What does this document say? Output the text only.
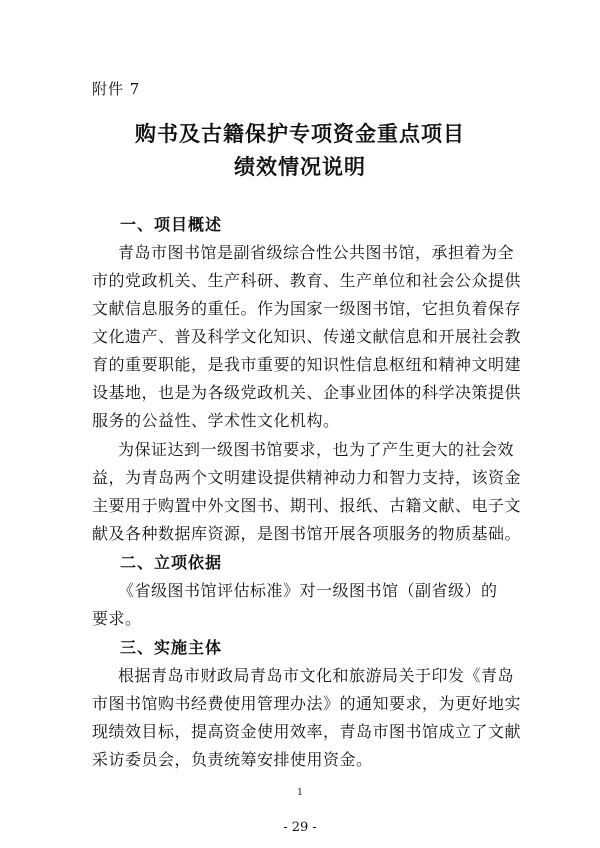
附件 7
购书及古籍保护专项资金重点项目
绩效情况说明
一、项目概述
青岛市图书馆是副省级综合性公共图书馆，承担着为全
市的党政机关、生产科研、教育、生产单位和社会公众提供
文献信息服务的重任。作为国家一级图书馆，它担负着保存
文化遗产、普及科学文化知识、传递文献信息和开展社会教
育的重要职能，是我市重要的知识性信息枢纽和精神文明建
设基地，也是为各级党政机关、企事业团体的科学决策提供
服务的公益性、学术性文化机构。
为保证达到一级图书馆要求，也为了产生更大的社会效
益，为青岛两个文明建设提供精神动力和智力支持，该资金
主要用于购置中外文图书、期刊、报纸、古籍文献、电子文
献及各种数据库资源，是图书馆开展各项服务的物质基础。
二、立项依据
《省级图书馆评估标准》对一级图书馆（副省级）的
要求。
三、实施主体
根据青岛市财政局青岛市文化和旅游局关于印发《青岛
市图书馆购书经费使用管理办法》的通知要求，为更好地实
现绩效目标，提高资金使用效率，青岛市图书馆成立了文献
采访委员会，负责统筹安排使用资金。
1
- 29 -
